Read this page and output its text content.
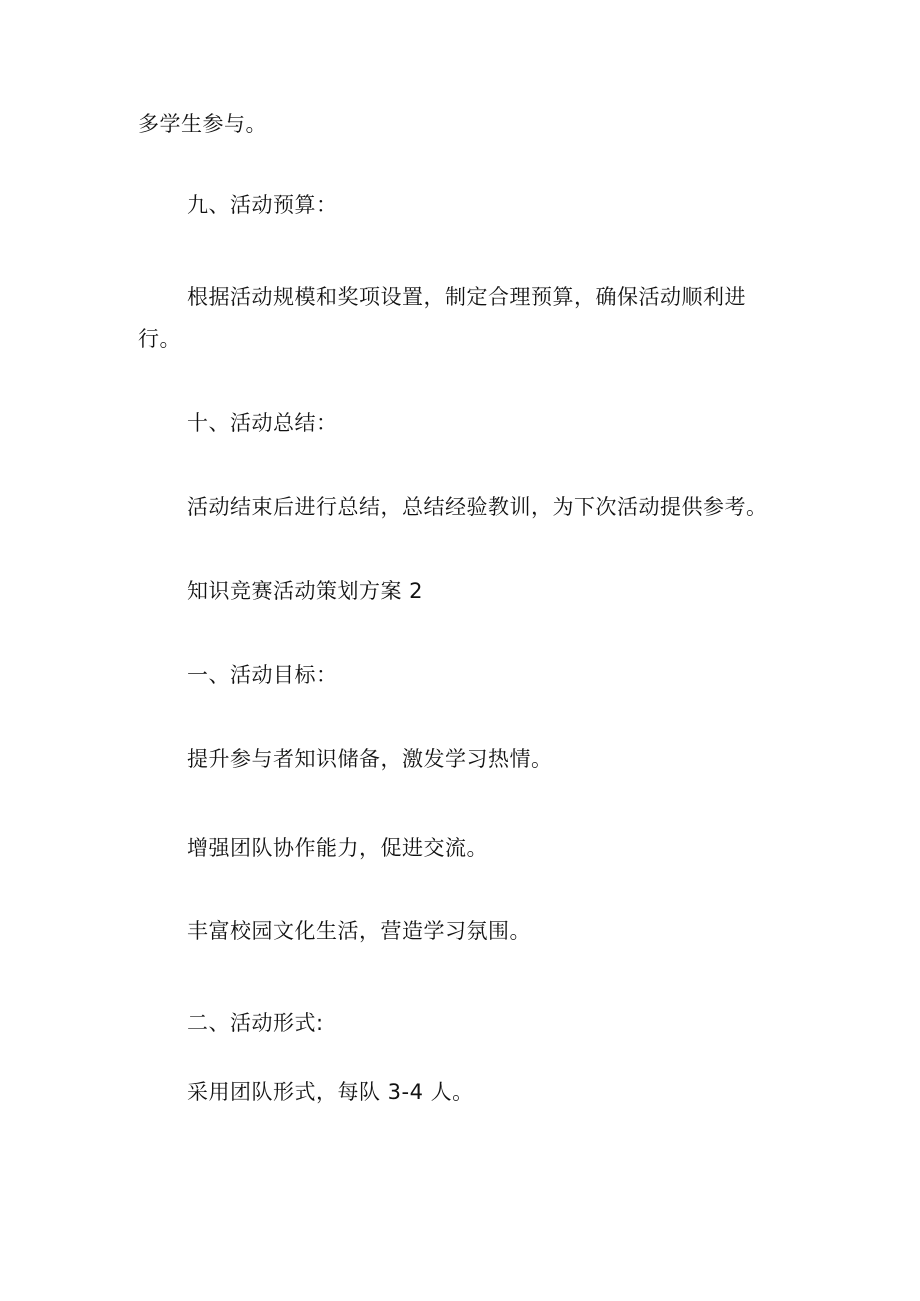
多学生参与。
九、活动预算：
根据活动规模和奖项设置，制定合理预算，确保活动顺利进
行。
十、活动总结：
活动结束后进行总结，总结经验教训，为下次活动提供参考。
知识竞赛活动策划方案 2
一、活动目标：
提升参与者知识储备，激发学习热情。
增强团队协作能力，促进交流。
丰富校园文化生活，营造学习氛围。
二、活动形式:
采用团队形式，每队 3-4 人。
